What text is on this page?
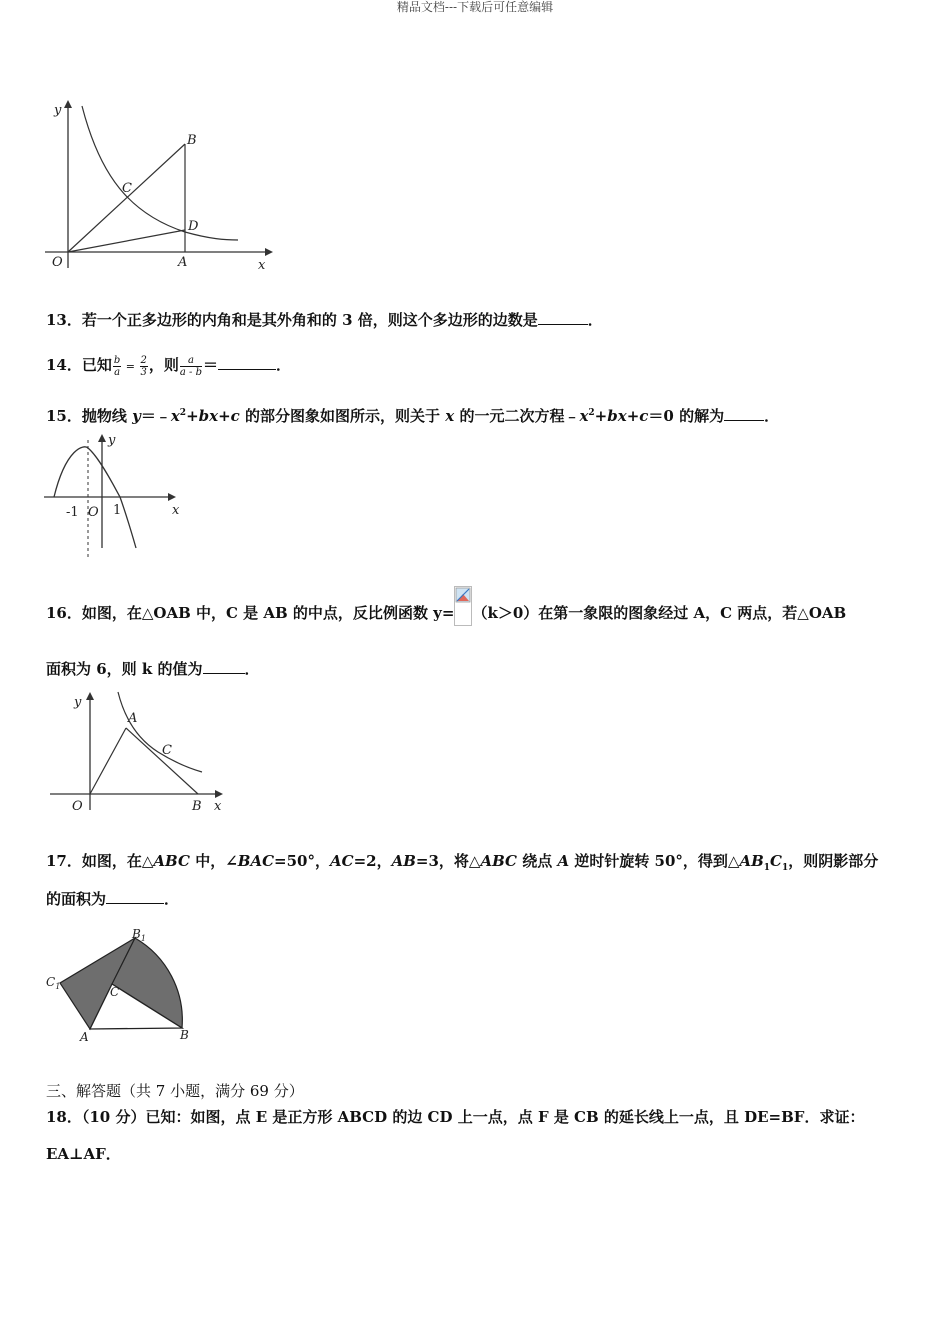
精品文档---下载后可任意编辑
y
x
O	A
B
C
D
13．若一个正多边形的内角和是其外角和的 3 倍，则这个多边形的边数是	．
14．已知 $\frac{b}{a} = \frac{2}{3}$ ，则 $\frac{a}{a - b}$ ＝	．
15．抛物线 $y=﹣x^2+bx+c$ 的部分图象如图所示，则关于 x 的一元二次方程$﹣x^2+bx+c=0$ 的解为	．
x
y
O
-1	1
16．如图，在△OAB 中，C 是 AB 的中点，反比例函数 y= （k＞0）在第一象限的图象经过 A，C 两点，若△OAB
面积为 6，则 k 的值为	．
y
x
O
A
C
B
17．如图，在△ABC 中，∠BAC=50°，AC=2，AB=3，将△ABC 绕点 A 逆时针旋转 50°，得到$\triangle AB_1C_1$，则阴影部分
的面积为	．
$B_1$
$C_1$	C
A	B
三、解答题（共 7 小题，满分 69 分）
18．（10 分）已知：如图，点 E 是正方形 ABCD 的边 CD 上一点，点 F 是 CB 的延长线上一点，且 DE=BF．求证：
EA⊥AF．
